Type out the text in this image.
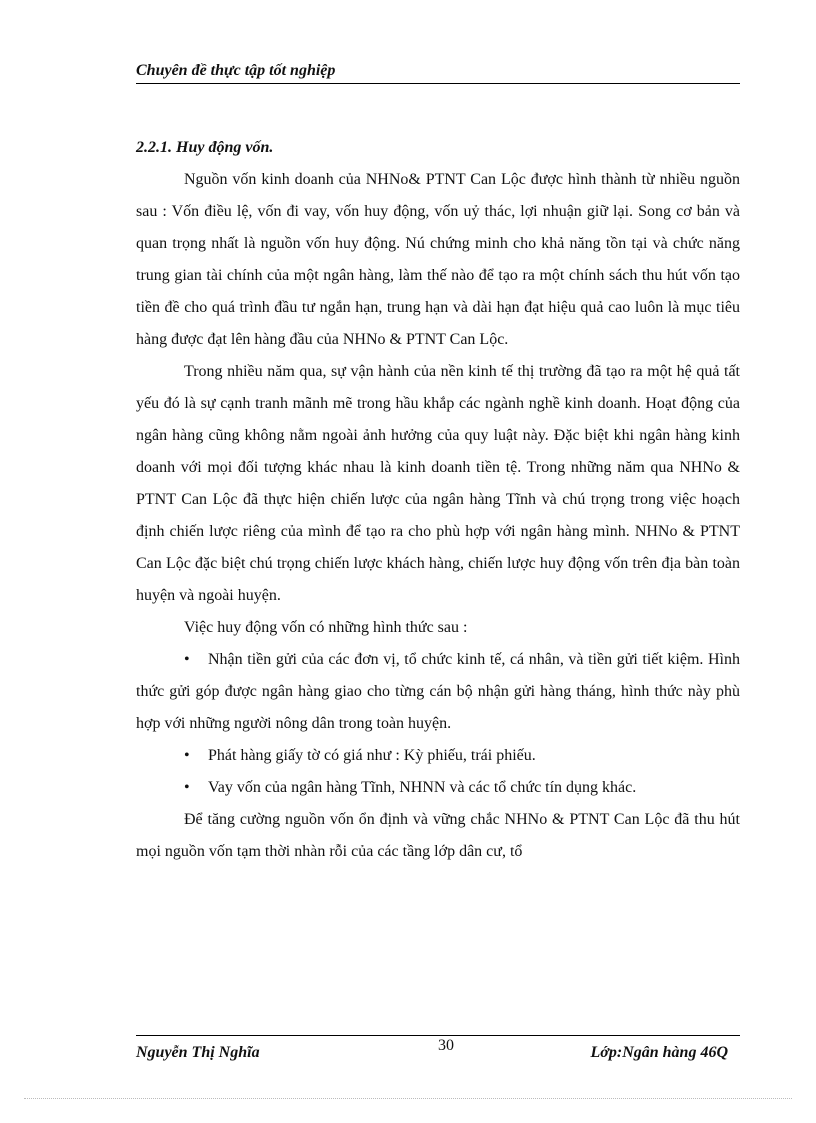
Chuyên đề thực tập tốt nghiệp
2.2.1. Huy động vốn.

Nguồn vốn kinh doanh của NHNo& PTNT Can Lộc được hình thành từ nhiều nguồn sau : Vốn điều lệ, vốn đi vay, vốn huy động, vốn uỷ thác, lợi nhuận giữ lại. Song cơ bản và quan trọng nhất là nguồn vốn huy động. Nú chứng minh cho khả năng tồn tại và chức năng trung gian tài chính của một ngân hàng, làm thế nào để tạo ra một chính sách thu hút vốn tạo tiền đề cho quá trình đầu tư ngắn hạn, trung hạn và dài hạn đạt hiệu quả cao luôn là mục tiêu hàng được đạt lên hàng đầu của NHNo & PTNT Can Lộc.

Trong nhiều năm qua, sự vận hành của nền kinh tế thị trường đã tạo ra một hệ quả tất yếu đó là sự cạnh tranh mãnh mẽ trong hầu khắp các ngành nghề kinh doanh. Hoạt động của ngân hàng cũng không nằm ngoài ảnh hưởng của quy luật này. Đặc biệt khi ngân hàng kinh doanh với mọi đối tượng khác nhau là kinh doanh tiền tệ. Trong những năm qua NHNo & PTNT Can Lộc đã thực hiện chiến lược của ngân hàng Tĩnh và chú trọng trong việc hoạch định chiến lược riêng của mình để tạo ra cho phù hợp với ngân hàng mình. NHNo & PTNT Can Lộc đặc biệt chú trọng chiến lược khách hàng, chiến lược huy động vốn trên địa bàn toàn huyện và ngoài huyện.

Việc huy động vốn có những hình thức sau :

• Nhận tiền gửi của các đơn vị, tổ chức kinh tế, cá nhân, và tiền gửi tiết kiệm. Hình thức gửi góp được ngân hàng giao cho từng cán bộ nhận gửi hàng tháng, hình thức này phù hợp với những người nông dân trong toàn huyện.

• Phát hàng giấy tờ có giá như : Kỳ phiếu, trái phiếu.

• Vay vốn của ngân hàng Tĩnh, NHNN và các tổ chức tín dụng khác.

Để tăng cường nguồn vốn ổn định và vững chắc NHNo & PTNT Can Lộc đã thu hút mọi nguồn vốn tạm thời nhàn rỗi của các tầng lớp dân cư, tổ

Nguyễn Thị Nghĩa	30	Lớp:Ngân hàng 46Q
